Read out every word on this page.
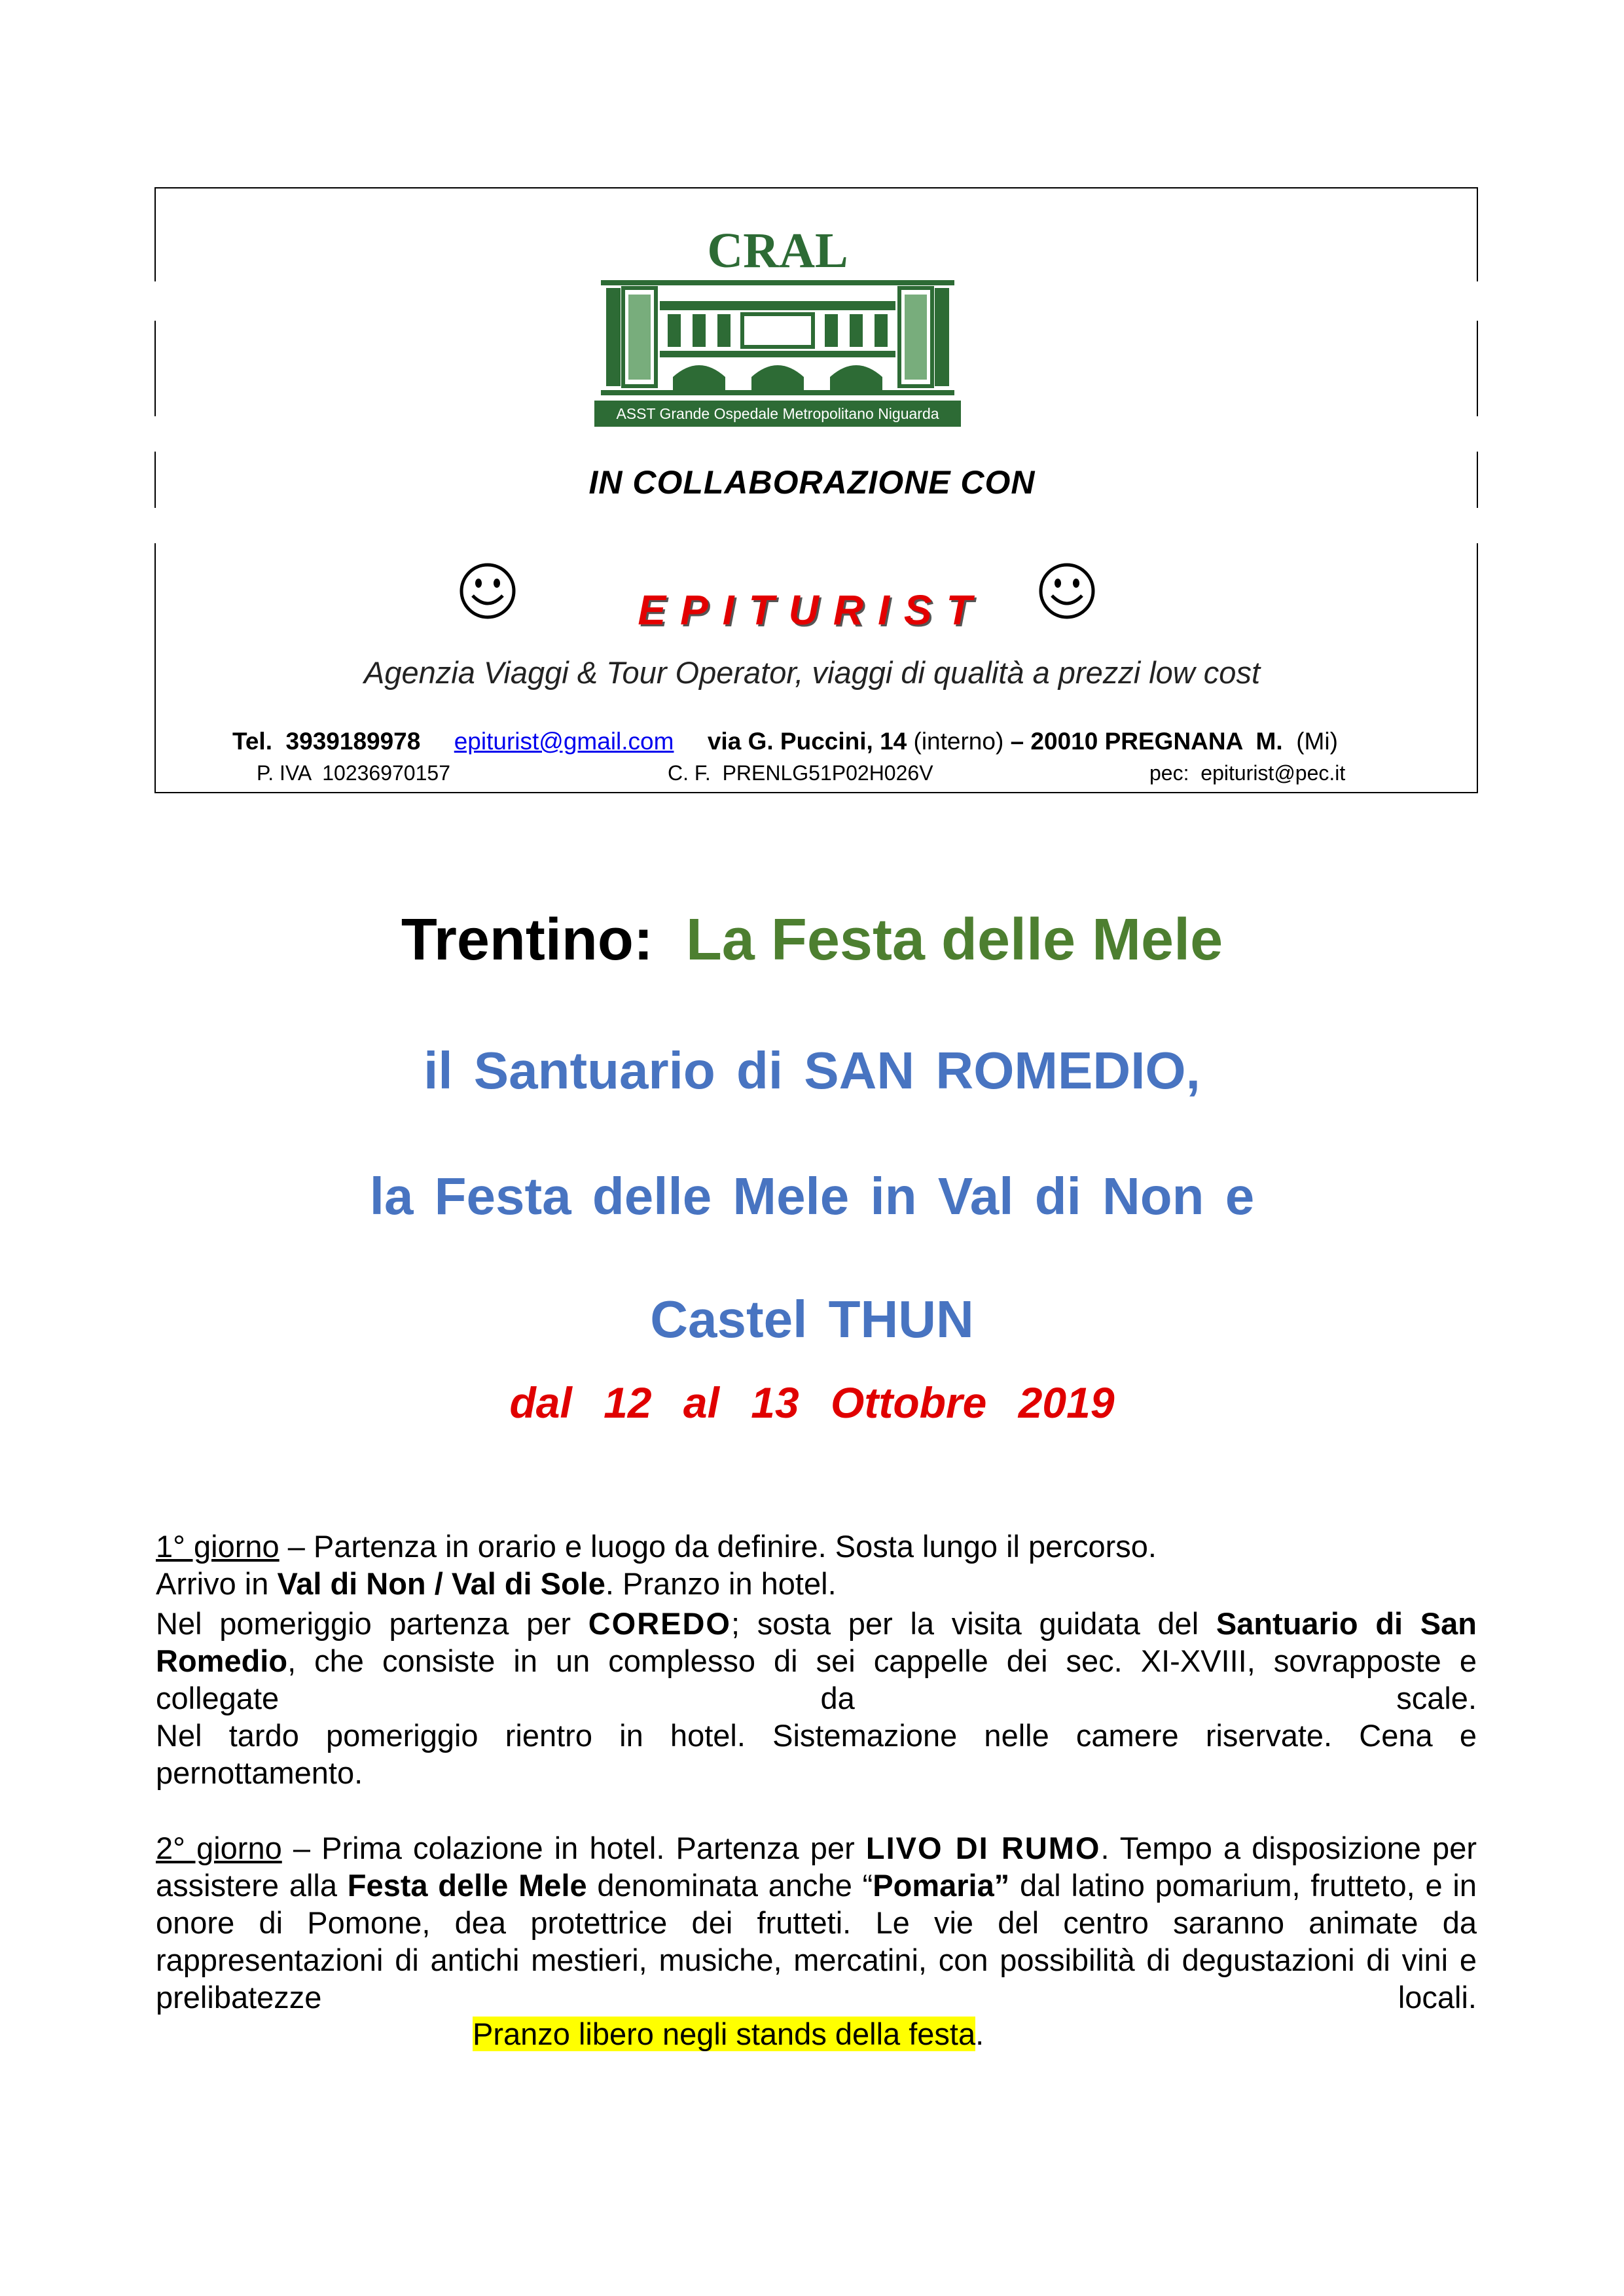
CRAL
ASST Grande Ospedale Metropolitano Niguarda
IN COLLABORAZIONE CON
EPITURIST
Agenzia Viaggi & Tour Operator, viaggi di qualità a prezzi low cost
Tel.  3939189978 epiturist@gmail.com via G. Puccini, 14 (interno) – 20010 PREGNANA  M.  (Mi)
P. IVA  10236970157	C. F.  PRENLG51P02H026V	pec:  epiturist@pec.it
Trentino: La Festa delle Mele
il Santuario di SAN ROMEDIO,
la Festa delle Mele in Val di Non e
Castel THUN
dal 12 al 13 Ottobre 2019
1° giorno – Partenza in orario e luogo da definire. Sosta lungo il percorso.
Arrivo in Val di Non / Val di Sole. Pranzo in hotel.
Nel pomeriggio partenza per COREDO; sosta per la visita guidata del Santuario di San Romedio, che consiste in un complesso di sei cappelle dei sec. XI-XVIII, sovrapposte e collegate da scale.
Nel tardo pomeriggio rientro in hotel. Sistemazione nelle camere riservate. Cena e pernottamento.
2° giorno – Prima colazione in hotel. Partenza per LIVO DI RUMO. Tempo a disposizione per assistere alla Festa delle Mele denominata anche “Pomaria” dal latino pomarium, frutteto, e in onore di Pomone, dea protettrice dei frutteti. Le vie del centro saranno animate da rappresentazioni di antichi mestieri, musiche, mercatini, con possibilità di degustazioni di vini e prelibatezze locali.
Pranzo libero negli stands della festa.
